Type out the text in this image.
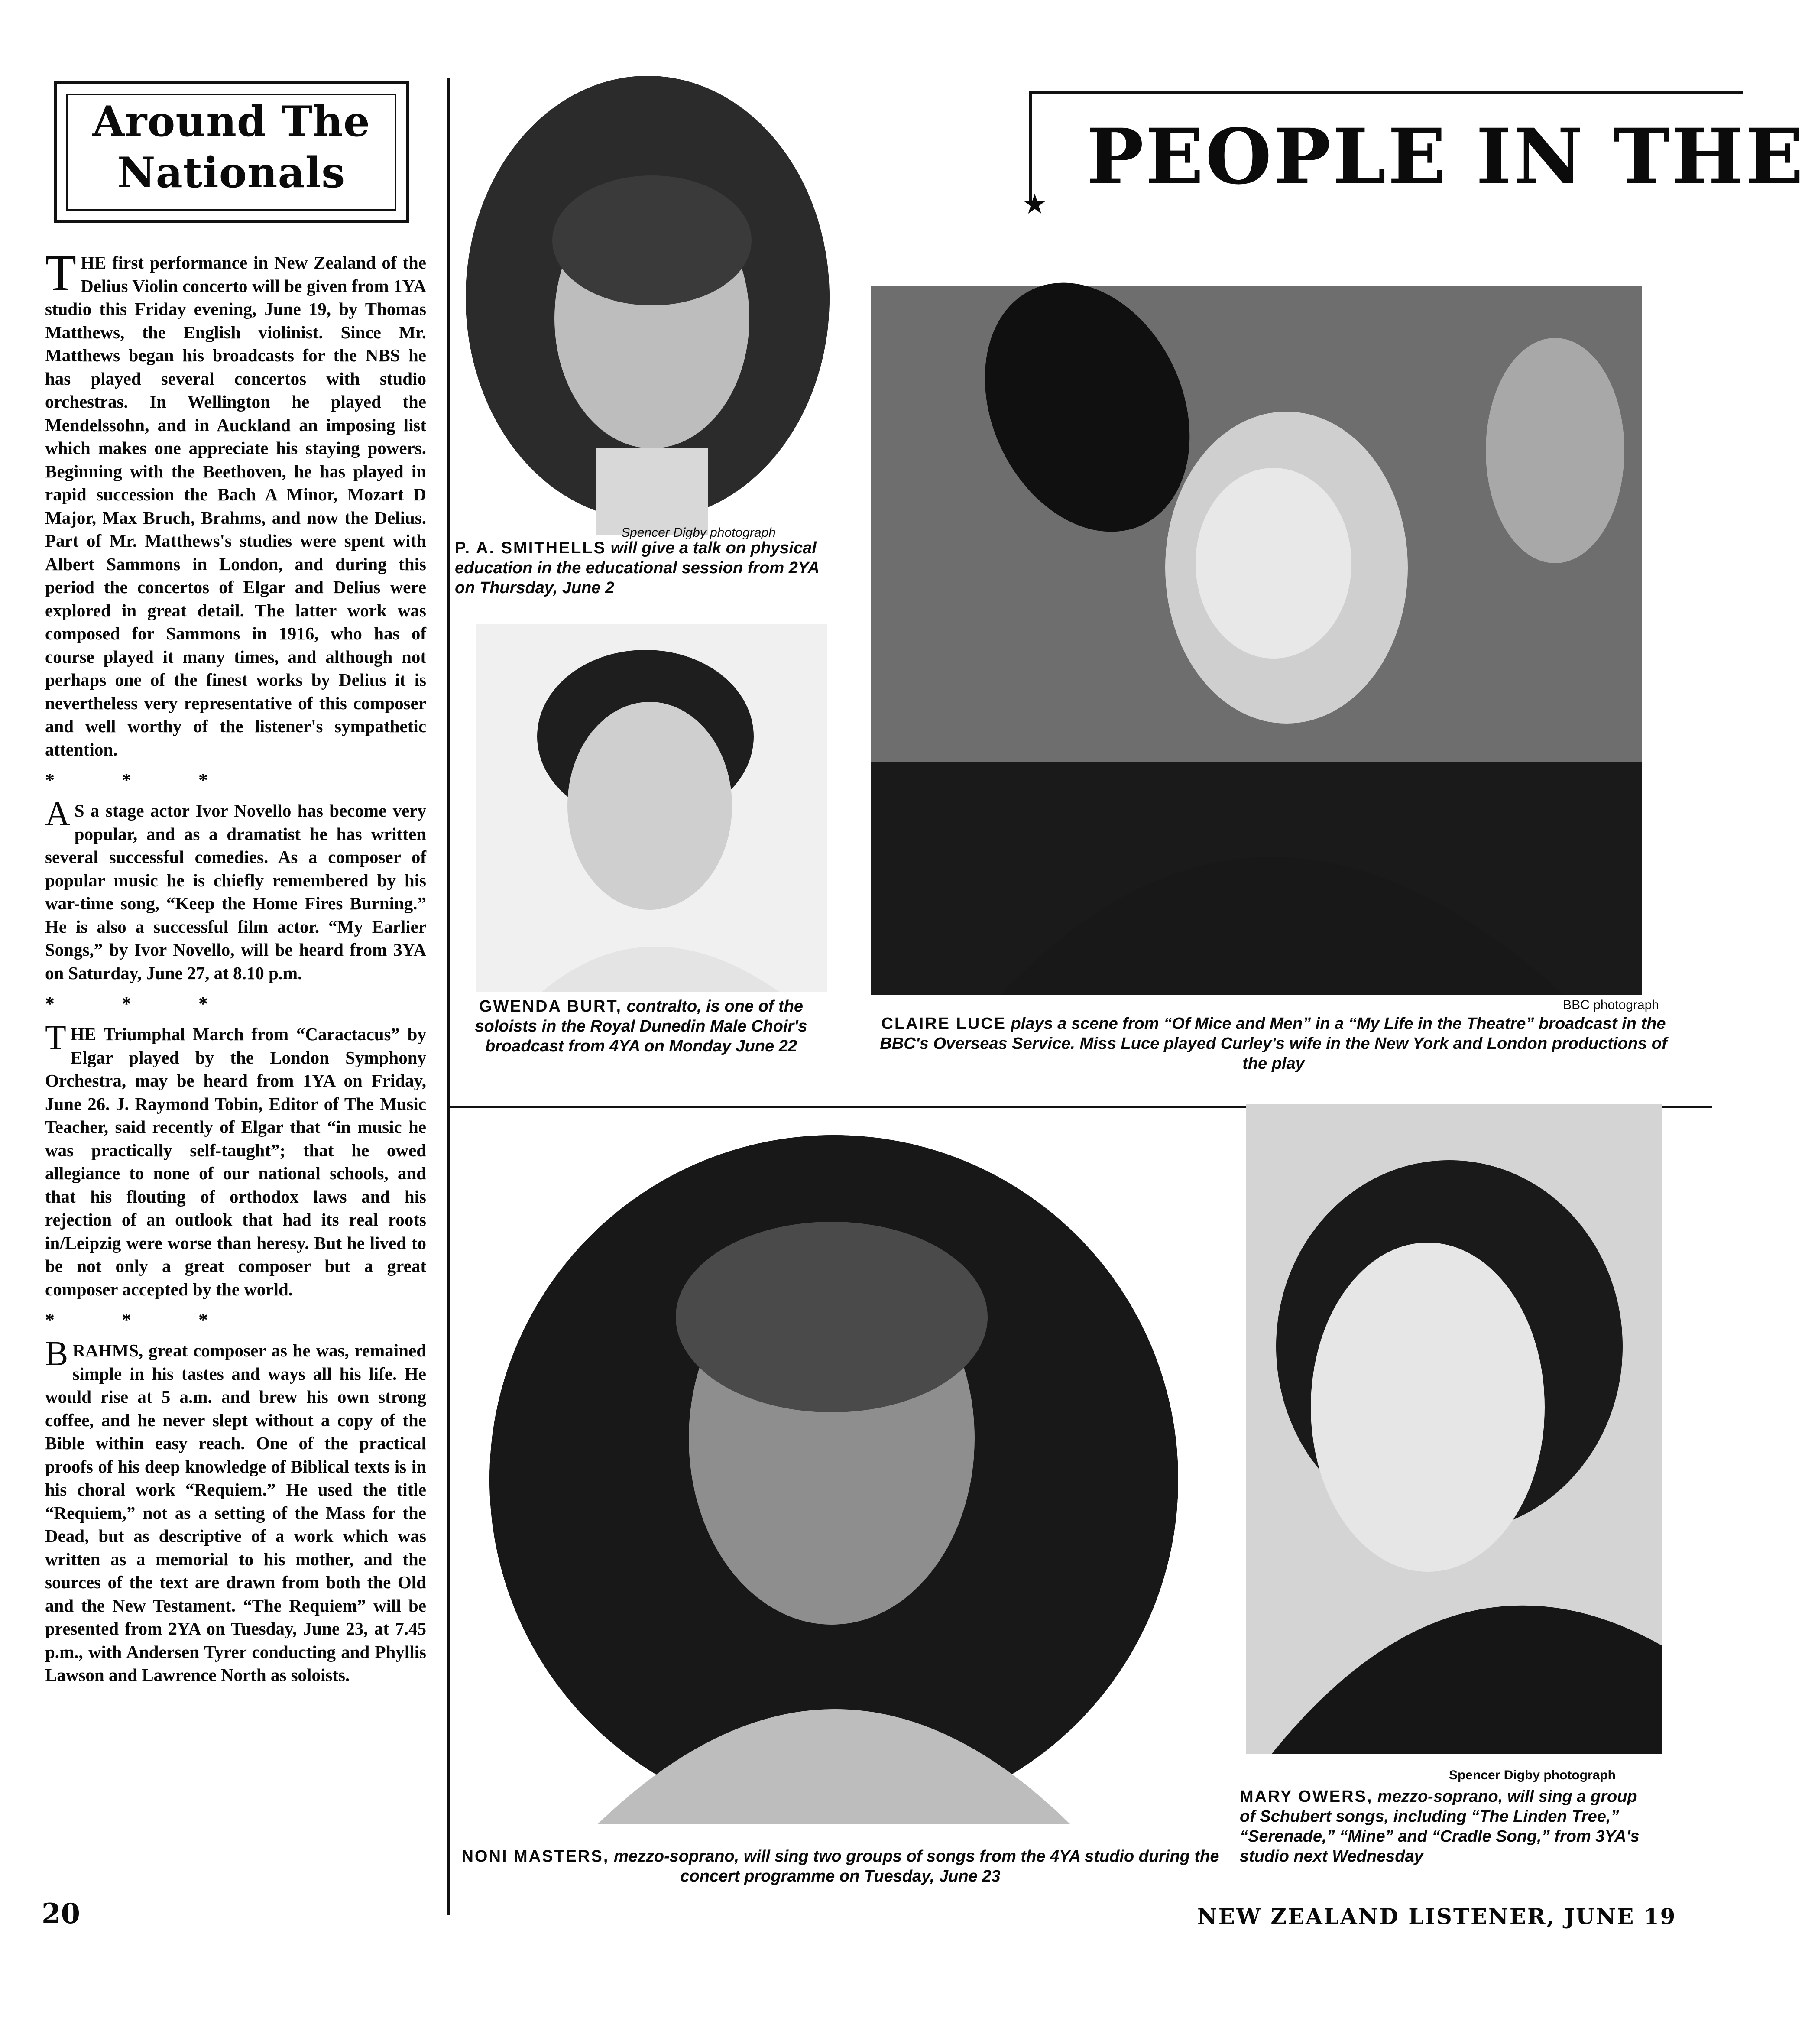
Around The
Nationals

THE first performance in New Zealand of the Delius Violin concerto will be given from 1YA studio this Friday evening, June 19, by Thomas Matthews, the English violinist. Since Mr. Matthews began his broadcasts for the NBS he has played several concertos with studio orchestras. In Wellington he played the Mendelssohn, and in Auckland an imposing list which makes one appreciate his staying powers. Beginning with the Beethoven, he has played in rapid succession the Bach A Minor, Mozart D Major, Max Bruch, Brahms, and now the Delius. Part of Mr. Matthews's studies were spent with Albert Sammons in London, and during this period the concertos of Elgar and Delius were explored in great detail. The latter work was composed for Sammons in 1916, who has of course played it many times, and although not perhaps one of the finest works by Delius it is nevertheless very representative of this composer and well worthy of the listener's sympathetic attention.

* * *

A S a stage actor Ivor Novello has become very popular, and as a dramatist he has written several successful comedies. As a composer of popular music he is chiefly remembered by his war-time song, “Keep the Home Fires Burning.” He is also a successful film actor. “My Earlier Songs,” by Ivor Novello, will be heard from 3YA on Saturday, June 27, at 8.10 p.m.

* * *

THE Triumphal March from “Caractacus” by Elgar played by the London Symphony Orchestra, may be heard from 1YA on Friday, June 26. J. Raymond Tobin, Editor of The Music Teacher, said recently of Elgar that “in music he was practically self-taught”; that he owed allegiance to none of our national schools, and that his flouting of orthodox laws and his rejection of an outlook that had its real roots in/Leipzig were worse than heresy. But he lived to be not only a great composer but a great composer accepted by the world.

* * *

BRAHMS, great composer as he was, remained simple in his tastes and ways all his life. He would rise at 5 a.m. and brew his own strong coffee, and he never slept without a copy of the Bible within easy reach. One of the practical proofs of his deep knowledge of Biblical texts is in his choral work “Requiem.” He used the title “Requiem,” not as a setting of the Mass for the Dead, but as descriptive of a work which was written as a memorial to his mother, and the sources of the text are drawn from both the Old and the New Testament. “The Requiem” will be presented from 2YA on Tuesday, June 23, at 7.45 p.m., with Andersen Tyrer conducting and Phyllis Lawson and Lawrence North as soloists.

PEOPLE IN THE
★
Spencer Digby photograph
P. A. SMITHELLS will give a talk on physical education in the educational session from 2YA on Thursday, June 2
GWENDA BURT, contralto, is one of the soloists in the Royal Dunedin Male Choir's broadcast from 4YA on Monday June 22
BBC photograph
CLAIRE LUCE plays a scene from “Of Mice and Men” in a “My Life in the Theatre” broadcast in the BBC's Overseas Service. Miss Luce played Curley's wife in the New York and London productions of the play
NONI MASTERS, mezzo-soprano, will sing two groups of songs from the 4YA studio during the concert programme on Tuesday, June 23
Spencer Digby photograph
MARY OWERS, mezzo-soprano, will sing a group of Schubert songs, including “The Linden Tree,” “Serenade,” “Mine” and “Cradle Song,” from 3YA's studio next Wednesday
20	NEW ZEALAND LISTENER, JUNE 19
